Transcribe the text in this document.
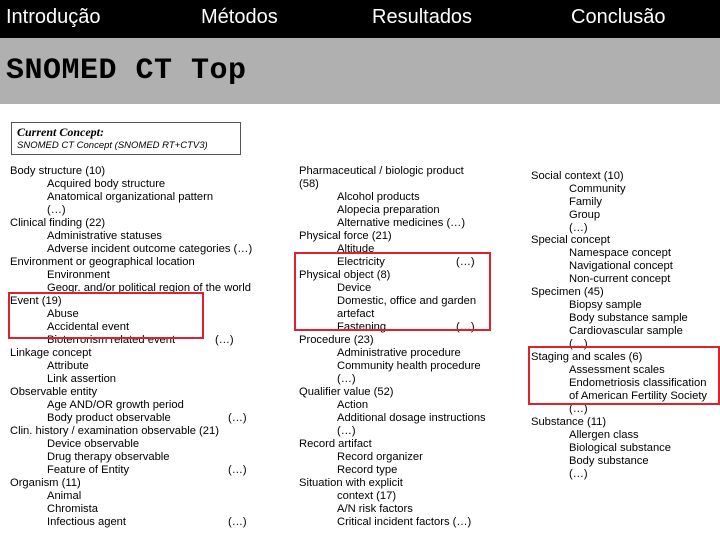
Introdução	Métodos	Resultados	Conclusão
SNOMED CT Top
Current Concept:
SNOMED CT Concept (SNOMED RT+CTV3)
Body structure (10)
Acquired body structure
Anatomical organizational pattern
(…)
Clinical finding (22)
Administrative statuses
Adverse incident outcome categories (…)
Environment or geographical location
Environment
Geogr. and/or political region of the world
Event (19)
Abuse
Accidental event
Bioterrorism related event	(…)
Linkage concept
Attribute
Link assertion
Observable entity
Age AND/OR growth period
Body product observable	(…)
Clin. history / examination observable (21)
Device observable
Drug therapy observable
Feature of Entity	(…)
Organism (11)
Animal
Chromista
Infectious agent	(…)
Pharmaceutical / biologic product
(58)
Alcohol products
Alopecia preparation
Alternative medicines (…)
Physical force (21)
Altitude
Electricity	(…)
Physical object (8)
Device
Domestic, office and garden
artefact
Fastening	(…)
Procedure (23)
Administrative procedure
Community health procedure
(…)
Qualifier value (52)
Action
Additional dosage instructions
(…)
Record artifact
Record organizer
Record type
Situation with explicit
context (17)
A/N risk factors
Critical incident factors (…)
Social context (10)
Community
Family
Group
(…)
Special concept
Namespace concept
Navigational concept
Non-current concept
Specimen (45)
Biopsy sample
Body substance sample
Cardiovascular sample
(…)
Staging and scales (6)
Assessment scales
Endometriosis classification
of American Fertility Society
(…)
Substance (11)
Allergen class
Biological substance
Body substance
(…)
